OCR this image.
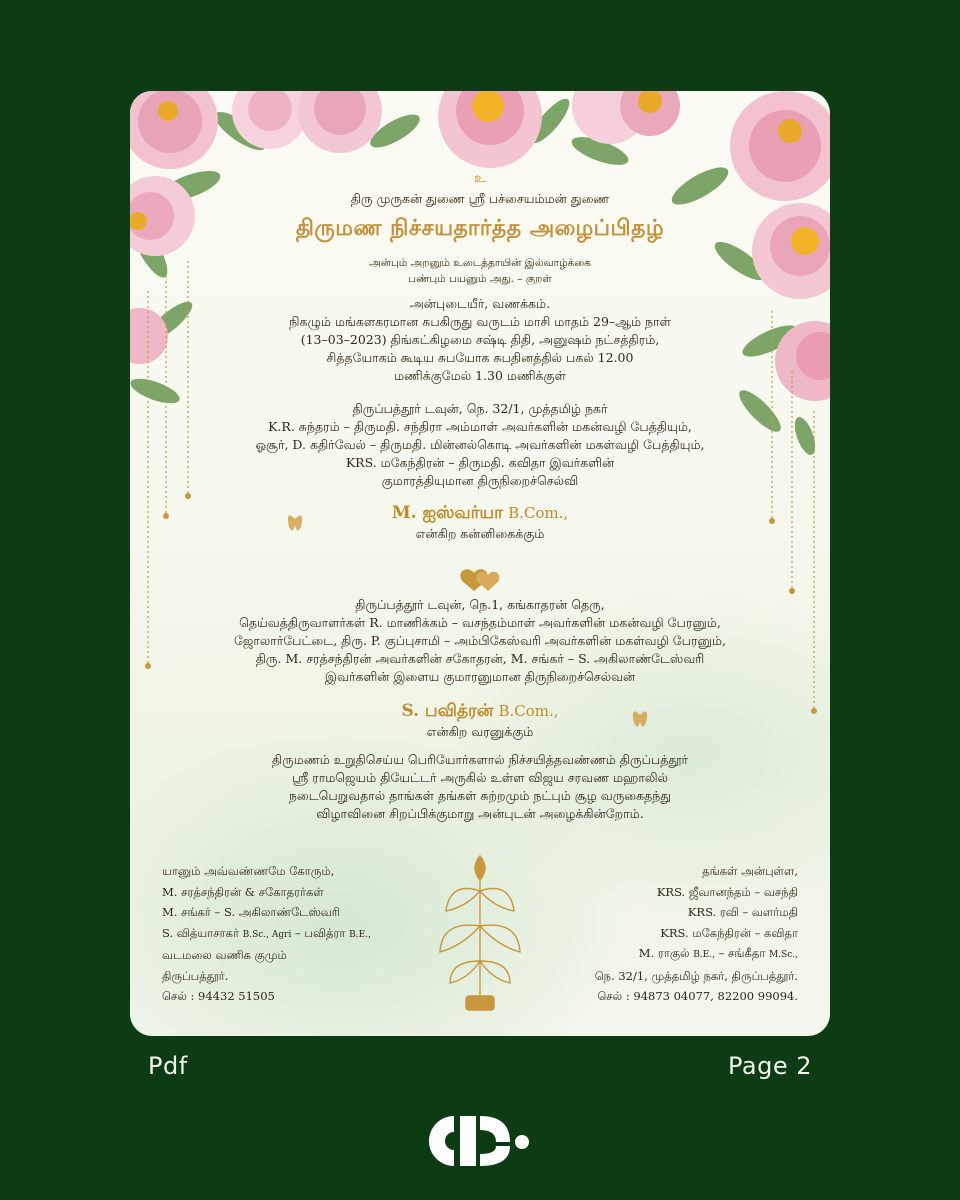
உ
திரு முருகன் துணை ஸ்ரீ பச்சையம்மன் துணை
திருமண நிச்சயதார்த்த அழைப்பிதழ்
அன்பும் அறனும் உடைத்தாயின் இல்வாழ்க்கை
பண்பும் பயனும் அது. – குறள்
அன்புடையீர், வணக்கம்.
நிகழும் மங்களகரமான சுபகிருது வருடம் மாசி மாதம் 29–ஆம் நாள்
(13–03–2023) திங்கட்கிழமை சஷ்டி திதி, அனுஷம் நட்சத்திரம்,
சித்தயோகம் கூடிய சுபயோக சுபதினத்தில் பகல் 12.00
மணிக்குமேல் 1.30 மணிக்குள்
திருப்பத்தூர் டவுன், நெ. 32/1, முத்தமிழ் நகர்
K.R. சுந்தரம் – திருமதி. சந்திரா அம்மாள் அவர்களின் மகன்வழி பேத்தியும்,
ஓசூர், D. கதிர்வேல் – திருமதி. மின்னல்கொடி அவர்களின் மகள்வழி பேத்தியும்,
KRS. மகேந்திரன் – திருமதி. கவிதா இவர்களின்
குமாரத்தியுமான திருநிறைச்செல்வி
M. ஐஸ்வர்யா B.Com.,
என்கிற கன்னிகைக்கும்
திருப்பத்தூர் டவுன், நெ.1, கங்காதரன் தெரு,
தெய்வத்திருவாளர்கள் R. மாணிக்கம் – வசந்தம்மாள் அவர்களின் மகன்வழி பேரனும்,
ஜோலார்பேட்டை, திரு. P. குப்புசாமி – அம்பிகேஸ்வரி அவர்களின் மகள்வழி பேரனும்,
திரு. M. சரத்சந்திரன் அவர்களின் சகோதரன், M. சங்கர் – S. அகிலாண்டேஸ்வரி
இவர்களின் இளைய குமாரனுமான திருநிறைச்செல்வன்
S. பவித்ரன் B.Com.,
என்கிற வரனுக்கும்
திருமணம் உறுதிசெய்ய பெரியோர்களால் நிச்சயித்தவண்ணம் திருப்பத்தூர்
ஸ்ரீ ராமஜெயம் தியேட்டர் அருகில் உள்ள விஜய சரவண மஹாலில்
நடைபெறுவதால் தாங்கள் தங்கள் சுற்றமும் நட்பும் சூழ வருகைதந்து
விழாவினை சிறப்பிக்குமாறு அன்புடன் அழைக்கின்றோம்.
யானும் அவ்வண்ணமே கோரும்,
M. சரத்சந்திரன் & சகோதரர்கள்
M. சங்கர் – S. அகிலாண்டேஸ்வரி
S. வித்யாசாகர் B.Sc., Agri – பவித்ரா B.E.,
வடமலை வணிக குமும்
திருப்பத்தூர்.
செல் : 94432 51505
தங்கள் அன்புள்ள,
KRS. ஜீவானந்தம் – வசந்தி
KRS. ரவி – வளர்மதி
KRS. மகேந்திரன் – கவிதா
M. ராகுல் B.E., – சங்கீதா M.Sc.,
நெ. 32/1, முத்தமிழ் நகர், திருப்பத்தூர்.
செல் : 94873 04077, 82200 99094.
Pdf	Page 2
